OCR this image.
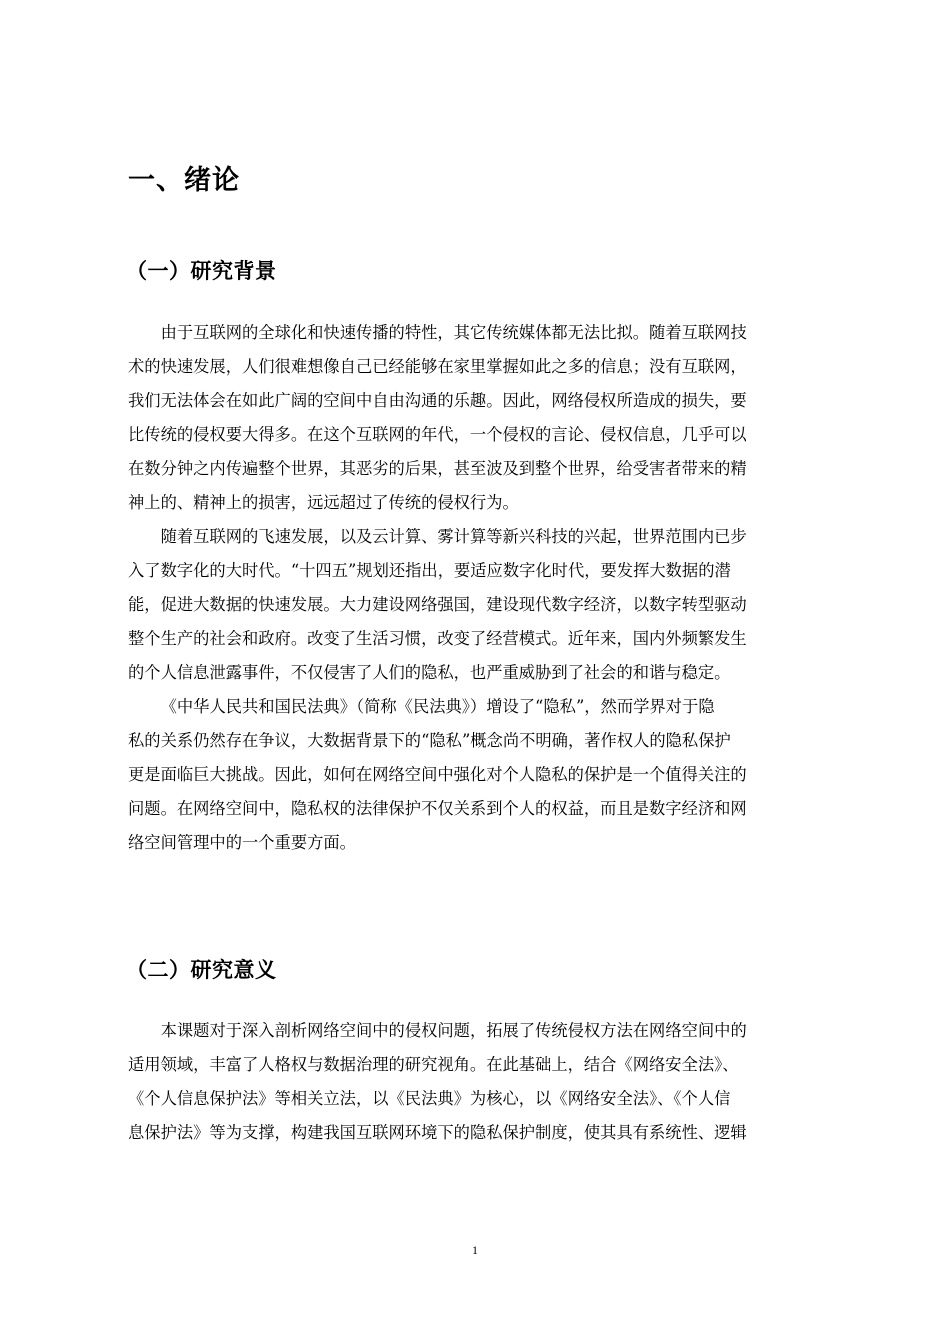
一、绪论
（一）研究背景
由于互联网的全球化和快速传播的特性，其它传统媒体都无法比拟。随着互联网技
术的快速发展，人们很难想像自己已经能够在家里掌握如此之多的信息；没有互联网，
我们无法体会在如此广阔的空间中自由沟通的乐趣。因此，网络侵权所造成的损失，要
比传统的侵权要大得多。在这个互联网的年代，一个侵权的言论、侵权信息，几乎可以
在数分钟之内传遍整个世界，其恶劣的后果，甚至波及到整个世界，给受害者带来的精
神上的、精神上的损害，远远超过了传统的侵权行为。
随着互联网的飞速发展，以及云计算、雾计算等新兴科技的兴起，世界范围内已步
入了数字化的大时代。“十四五”规划还指出，要适应数字化时代，要发挥大数据的潜
能，促进大数据的快速发展。大力建设网络强国，建设现代数字经济，以数字转型驱动
整个生产的社会和政府。改变了生活习惯，改变了经营模式。近年来，国内外频繁发生
的个人信息泄露事件，不仅侵害了人们的隐私，也严重威胁到了社会的和谐与稳定。
《中华人民共和国民法典》（简称《民法典》）增设了“隐私”，然而学界对于隐
私的关系仍然存在争议，大数据背景下的“隐私”概念尚不明确，著作权人的隐私保护
更是面临巨大挑战。因此，如何在网络空间中强化对个人隐私的保护是一个值得关注的
问题。在网络空间中，隐私权的法律保护不仅关系到个人的权益，而且是数字经济和网
络空间管理中的一个重要方面。
（二）研究意义
本课题对于深入剖析网络空间中的侵权问题，拓展了传统侵权方法在网络空间中的
适用领域，丰富了人格权与数据治理的研究视角。在此基础上，结合《网络安全法》、
《个人信息保护法》等相关立法，以《民法典》为核心，以《网络安全法》、《个人信
息保护法》等为支撑，构建我国互联网环境下的隐私保护制度，使其具有系统性、逻辑
1
